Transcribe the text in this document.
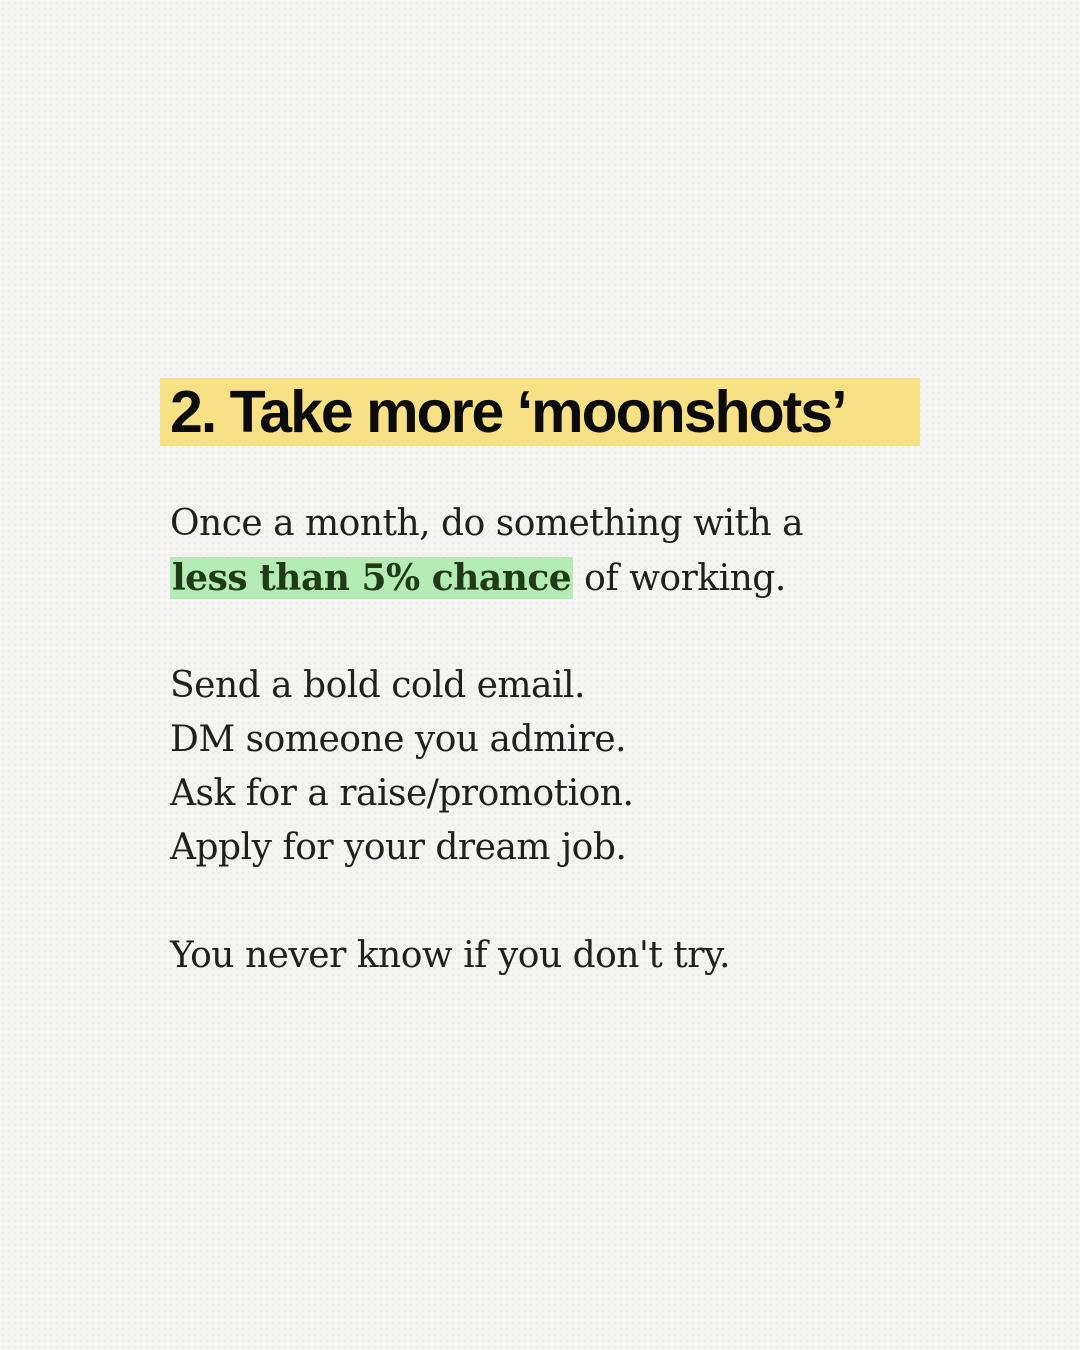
2. Take more ‘moonshots’
Once a month, do something with a
less than 5% chance of working.
Send a bold cold email.
DM someone you admire.
Ask for a raise/promotion.
Apply for your dream job.
You never know if you don't try.
